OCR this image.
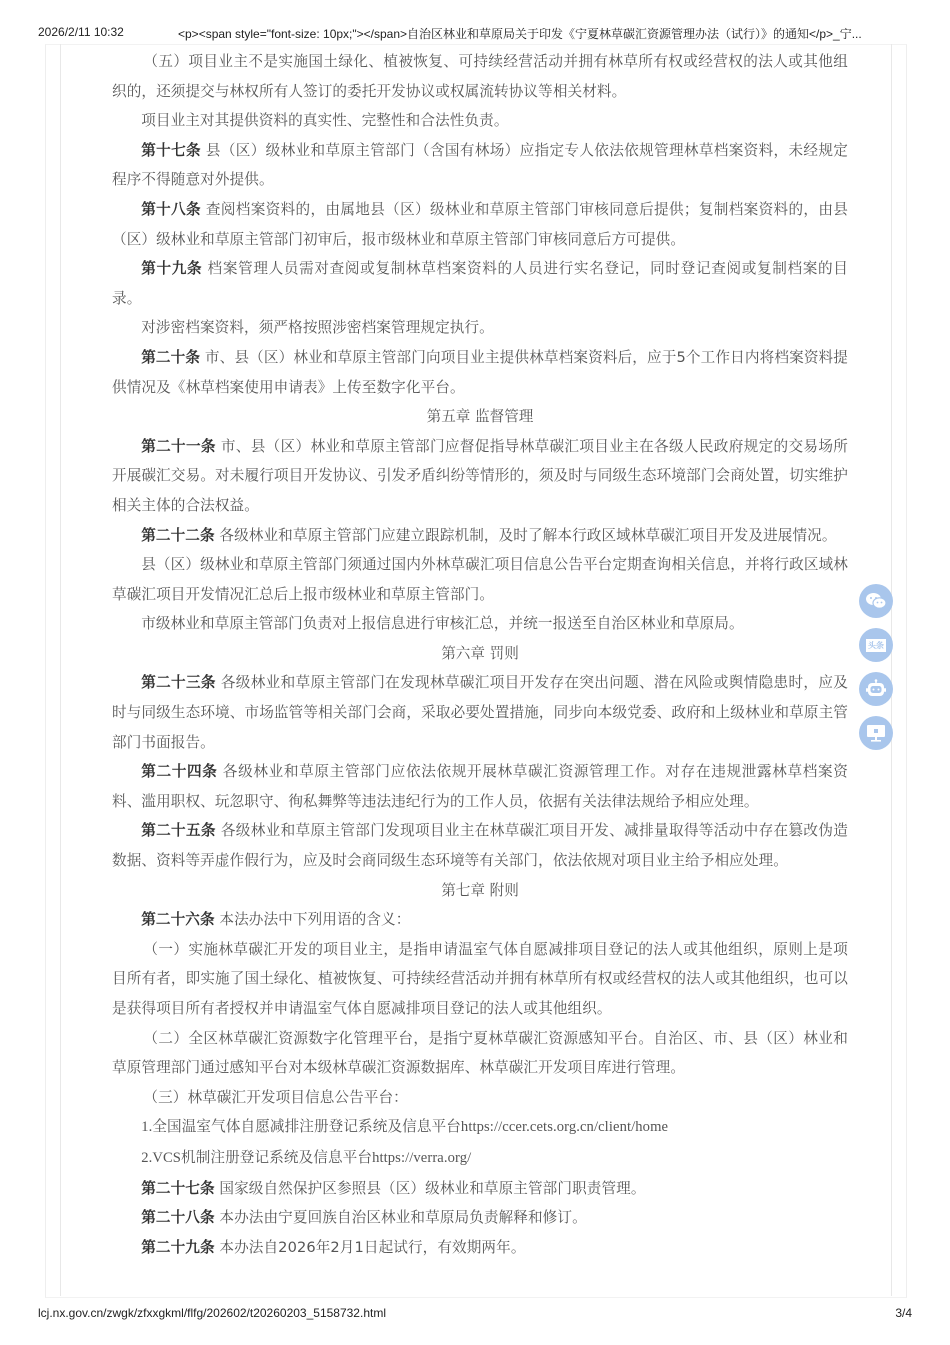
2026/2/11 10:32	<p><span style="font-size: 10px;"></span>自治区林业和草原局关于印发《宁夏林草碳汇资源管理办法（试行）》的通知</p>_宁...

（五）项目业主不是实施国土绿化、植被恢复、可持续经营活动并拥有林草所有权或经营权的法人或其他组织的，还须提交与林权所有人签订的委托开发协议或权属流转协议等相关材料。

项目业主对其提供资料的真实性、完整性和合法性负责。

第十七条 县（区）级林业和草原主管部门（含国有林场）应指定专人依法依规管理林草档案资料，未经规定程序不得随意对外提供。

第十八条 查阅档案资料的，由属地县（区）级林业和草原主管部门审核同意后提供；复制档案资料的，由县（区）级林业和草原主管部门初审后，报市级林业和草原主管部门审核同意后方可提供。

第十九条 档案管理人员需对查阅或复制林草档案资料的人员进行实名登记，同时登记查阅或复制档案的目录。

对涉密档案资料，须严格按照涉密档案管理规定执行。

第二十条 市、县（区）林业和草原主管部门向项目业主提供林草档案资料后，应于5个工作日内将档案资料提供情况及《林草档案使用申请表》上传至数字化平台。

第五章 监督管理

第二十一条 市、县（区）林业和草原主管部门应督促指导林草碳汇项目业主在各级人民政府规定的交易场所开展碳汇交易。对未履行项目开发协议、引发矛盾纠纷等情形的，须及时与同级生态环境部门会商处置，切实维护相关主体的合法权益。

第二十二条 各级林业和草原主管部门应建立跟踪机制，及时了解本行政区域林草碳汇项目开发及进展情况。

县（区）级林业和草原主管部门须通过国内外林草碳汇项目信息公告平台定期查询相关信息，并将行政区域林草碳汇项目开发情况汇总后上报市级林业和草原主管部门。

市级林业和草原主管部门负责对上报信息进行审核汇总，并统一报送至自治区林业和草原局。

第六章 罚则

第二十三条 各级林业和草原主管部门在发现林草碳汇项目开发存在突出问题、潜在风险或舆情隐患时，应及时与同级生态环境、市场监管等相关部门会商，采取必要处置措施，同步向本级党委、政府和上级林业和草原主管部门书面报告。

第二十四条 各级林业和草原主管部门应依法依规开展林草碳汇资源管理工作。对存在违规泄露林草档案资料、滥用职权、玩忽职守、徇私舞弊等违法违纪行为的工作人员，依据有关法律法规给予相应处理。

第二十五条 各级林业和草原主管部门发现项目业主在林草碳汇项目开发、减排量取得等活动中存在篡改伪造数据、资料等弄虚作假行为，应及时会商同级生态环境等有关部门，依法依规对项目业主给予相应处理。

第七章 附则

第二十六条 本法办法中下列用语的含义：

（一）实施林草碳汇开发的项目业主，是指申请温室气体自愿减排项目登记的法人或其他组织，原则上是项目所有者，即实施了国土绿化、植被恢复、可持续经营活动并拥有林草所有权或经营权的法人或其他组织，也可以是获得项目所有者授权并申请温室气体自愿减排项目登记的法人或其他组织。

（二）全区林草碳汇资源数字化管理平台，是指宁夏林草碳汇资源感知平台。自治区、市、县（区）林业和草原管理部门通过感知平台对本级林草碳汇资源数据库、林草碳汇开发项目库进行管理。

（三）林草碳汇开发项目信息公告平台：

1.全国温室气体自愿减排注册登记系统及信息平台https://ccer.cets.org.cn/client/home

2.VCS机制注册登记系统及信息平台https://verra.org/

第二十七条 国家级自然保护区参照县（区）级林业和草原主管部门职责管理。

第二十八条 本办法由宁夏回族自治区林业和草原局负责解释和修订。

第二十九条 本办法自2026年2月1日起试行，有效期两年。

头条
lcj.nx.gov.cn/zwgk/zfxxgkml/flfg/202602/t20260203_5158732.html	3/4
